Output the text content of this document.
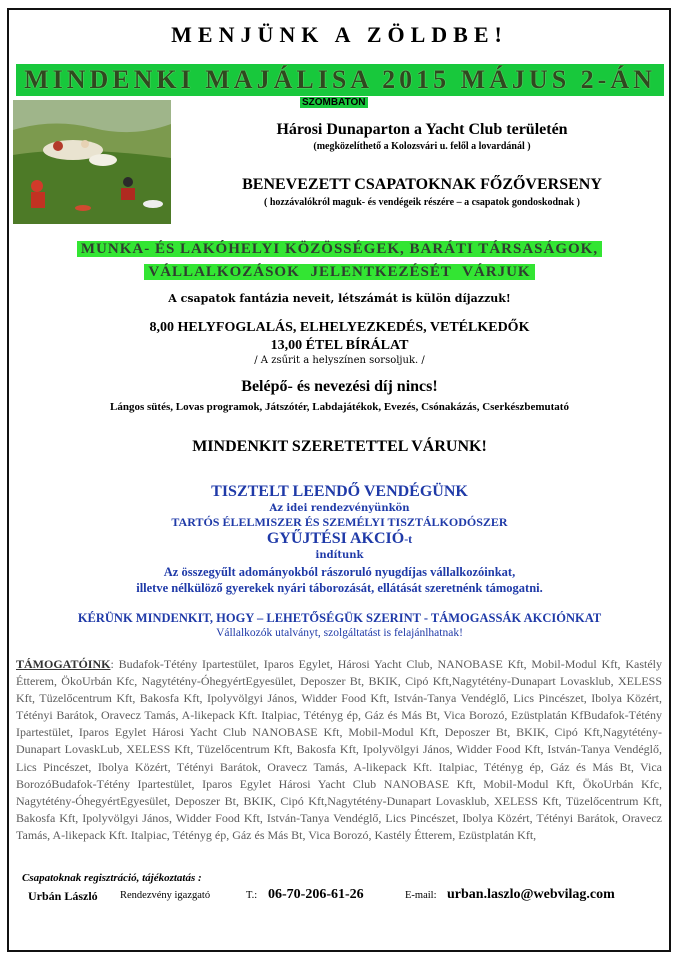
MENJÜNK A ZÖLDBE!
MINDENKI MAJÁLISA 2015 MÁJUS 2-ÁN
SZOMBATON
Hárosi Dunaparton a Yacht Club területén
(megközelíthető a Kolozsvári u. felől a lovardánál )
BENEVEZETT CSAPATOKNAK FŐZŐVERSENY
( hozzávalókról maguk- és vendégeik részére – a csapatok gondoskodnak )
MUNKA- ÉS LAKÓHELYI KÖZÖSSÉGEK, BARÁTI TÁRSASÁGOK,
VÁLLALKOZÁSOK JELENTKEZÉSÉT VÁRJUK
A csapatok fantázia neveit, létszámát is külön díjazzuk!
8,00 HELYFOGLALÁS, ELHELYEZKEDÉS, VETÉLKEDŐK
13,00 ÉTEL BÍRÁLAT
/ A zsűrit a helyszínen sorsoljuk. /
Belépő- és nevezési díj nincs!
Lángos sütés, Lovas programok, Játszótér, Labdajátékok, Evezés, Csónakázás, Cserkészbemutató
MINDENKIT SZERETETTEL VÁRUNK!
TISZTELT LEENDŐ VENDÉGÜNK
Az idei rendezvényünkön
TARTÓS ÉLELMISZER ÉS SZEMÉLYI TISZTÁLKODÓSZER
GYŰJTÉSI AKCIÓ-t
indítunk
Az összegyűlt adományokból rászoruló nyugdíjas vállalkozóinkat,
illetve nélkülöző gyerekek nyári táborozását, ellátását szeretnénk támogatni.
KÉRÜNK MINDENKIT, HOGY – LEHETŐSÉGÜK SZERINT - TÁMOGASSÁK AKCIÓNKAT
Vállalkozók utalványt, szolgáltatást is felajánlhatnak!
TÁMOGATÓINK: Budafok-Tétény Ipartestület, Iparos Egylet, Hárosi Yacht Club, NANOBASE Kft, Mobil-Modul Kft, Kastély Étterem, ÖkoUrbán Kfc, Nagytétény-ÓhegyértEgyesület, Deposzer Bt, BKIK, Cipó Kft,Nagytétény-Dunapart Lovasklub, XELESS Kft, Tüzelőcentrum Kft, Bakosfa Kft, Ipolyvölgyi János, Widder Food Kft, István-Tanya Vendéglő, Lics Pincészet, Ibolya Közért, Tétényi Barátok, Oravecz Tamás, A-likepack Kft. Italpiac, Tétényg ép, Gáz és Más Bt, Vica Borozó, Ezüstplatán KfBudafok-Tétény Ipartestület, Iparos Egylet Hárosi Yacht Club NANOBASE Kft, Mobil-Modul Kft, Deposzer Bt, BKIK, Cipó Kft,Nagytétény-Dunapart LovaskLub, XELESS Kft, Tüzelőcentrum Kft, Bakosfa Kft, Ipolyvölgyi János, Widder Food Kft, István-Tanya Vendéglő, Lics Pincészet, Ibolya Közért, Tétényi Barátok, Oravecz Tamás, A-likepack Kft. Italpiac, Tétényg ép, Gáz és Más Bt, Vica BorozóBudafok-Tétény Ipartestület, Iparos Egylet Hárosi Yacht Club NANOBASE Kft, Mobil-Modul Kft, ÖkoUrbán Kfc, Nagytétény-ÓhegyértEgyesület, Deposzer Bt, BKIK, Cipó Kft,Nagytétény-Dunapart Lovasklub, XELESS Kft, Tüzelőcentrum Kft, Bakosfa Kft, Ipolyvölgyi János, Widder Food Kft, István-Tanya Vendéglő, Lics Pincészet, Ibolya Közért, Tétényi Barátok, Oravecz Tamás, A-likepack Kft. Italpiac, Tétényg ép, Gáz és Más Bt, Vica Borozó, Kastély Étterem, Ezüstplatán Kft,
Csapatoknak regisztráció, tájékoztatás :
Urbán László Rendezvény igazgató	T.: 06-70-206-61-26	E-mail: urban.laszlo@webvilag.com
